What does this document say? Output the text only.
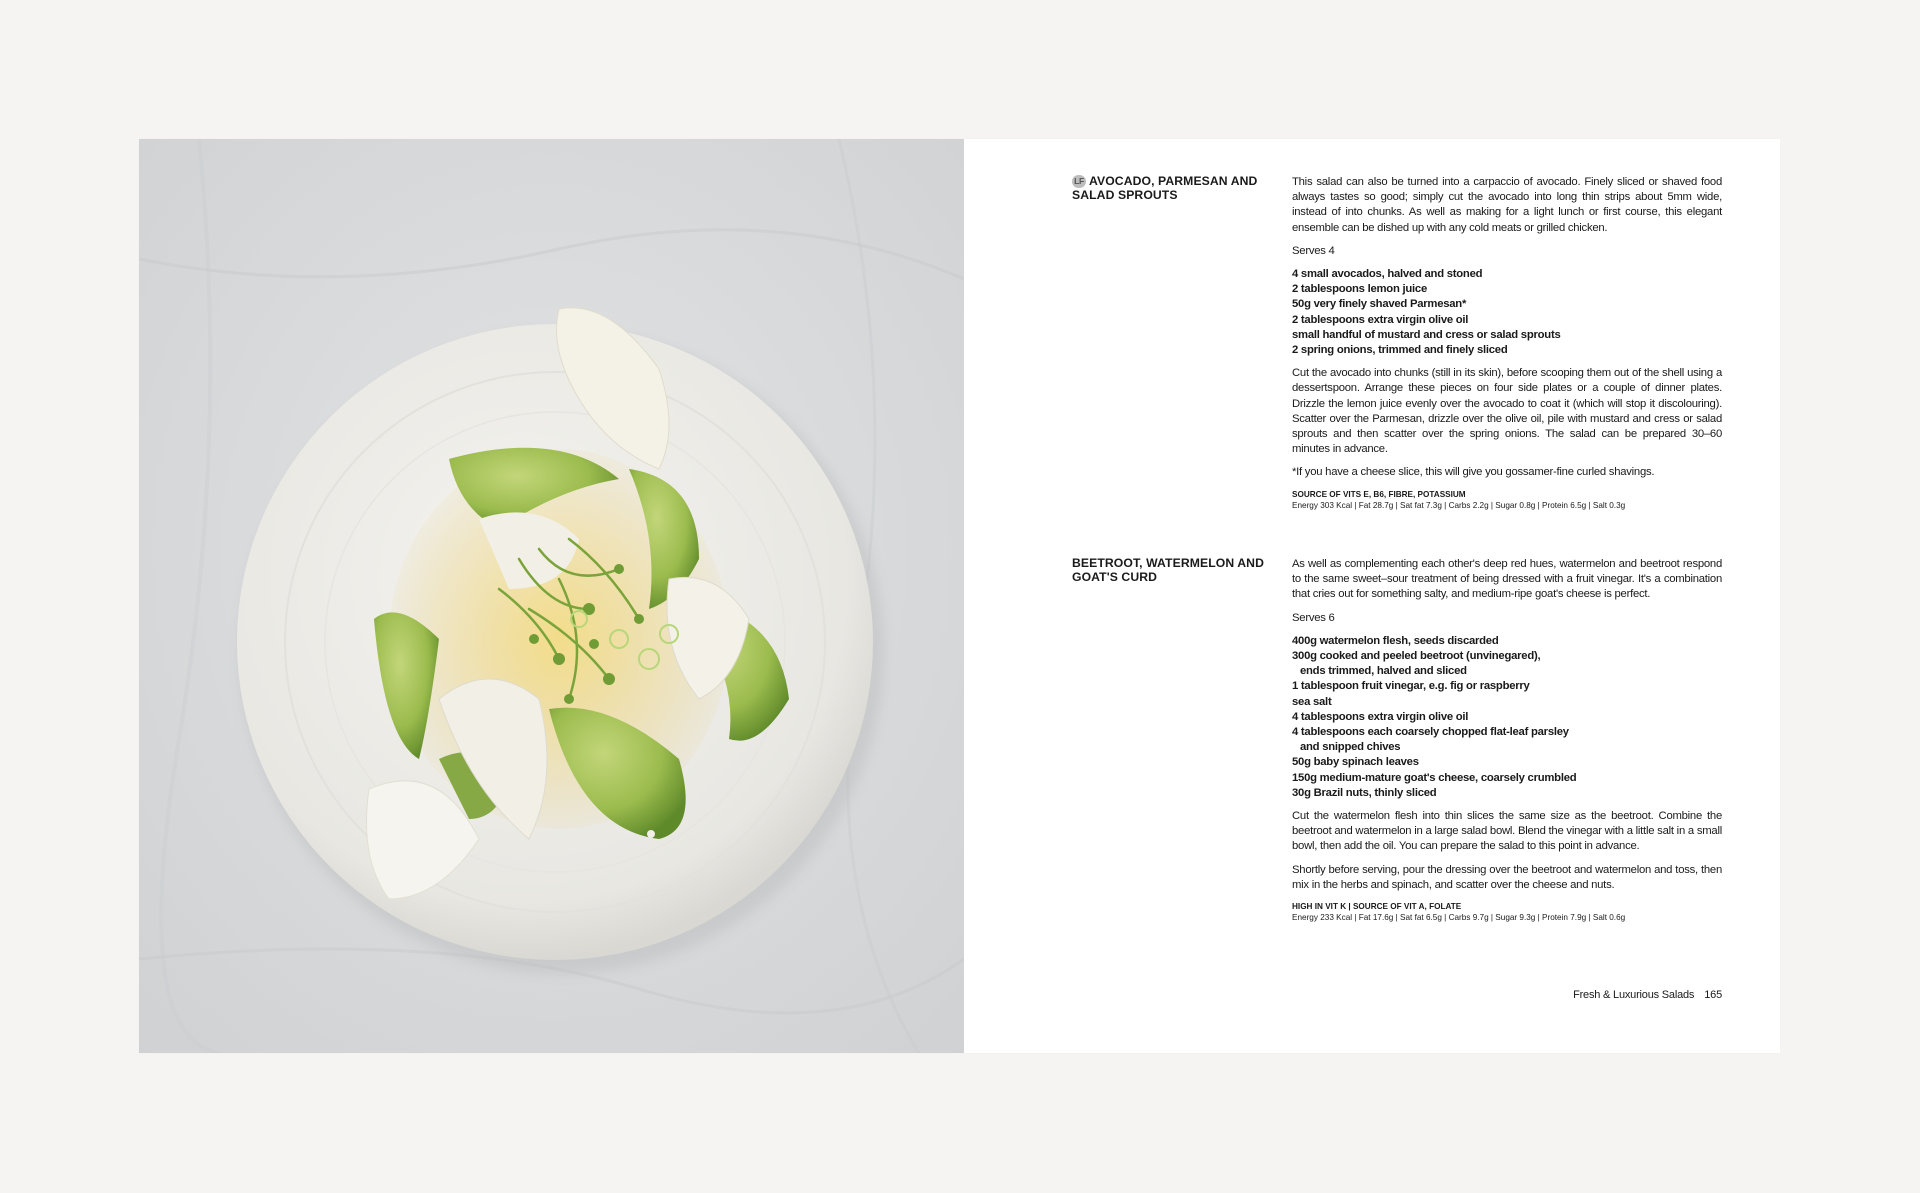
LF AVOCADO, PARMESAN AND SALAD SPROUTS

This salad can also be turned into a carpaccio of avocado. Finely sliced or shaved food always tastes so good; simply cut the avocado into long thin strips about 5mm wide, instead of into chunks. As well as making for a light lunch or first course, this elegant ensemble can be dished up with any cold meats or grilled chicken.

Serves 4

4 small avocados, halved and stoned
2 tablespoons lemon juice
50g very finely shaved Parmesan*
2 tablespoons extra virgin olive oil
small handful of mustard and cress or salad sprouts
2 spring onions, trimmed and finely sliced

Cut the avocado into chunks (still in its skin), before scooping them out of the shell using a dessertspoon. Arrange these pieces on four side plates or a couple of dinner plates. Drizzle the lemon juice evenly over the avocado to coat it (which will stop it discolouring). Scatter over the Parmesan, drizzle over the olive oil, pile with mustard and cress or salad sprouts and then scatter over the spring onions. The salad can be prepared 30–60 minutes in advance.

*If you have a cheese slice, this will give you gossamer-fine curled shavings.

SOURCE OF VITS E, B6, FIBRE, POTASSIUM
Energy 303 Kcal | Fat 28.7g | Sat fat 7.3g | Carbs 2.2g | Sugar 0.8g | Protein 6.5g | Salt 0.3g
BEETROOT, WATERMELON AND GOAT'S CURD

As well as complementing each other's deep red hues, watermelon and beetroot respond to the same sweet–sour treatment of being dressed with a fruit vinegar. It's a combination that cries out for something salty, and medium-ripe goat's cheese is perfect.

Serves 6

400g watermelon flesh, seeds discarded
300g cooked and peeled beetroot (unvinegared),
ends trimmed, halved and sliced
1 tablespoon fruit vinegar, e.g. fig or raspberry
sea salt
4 tablespoons extra virgin olive oil
4 tablespoons each coarsely chopped flat-leaf parsley
and snipped chives
50g baby spinach leaves
150g medium-mature goat's cheese, coarsely crumbled
30g Brazil nuts, thinly sliced

Cut the watermelon flesh into thin slices the same size as the beetroot. Combine the beetroot and watermelon in a large salad bowl. Blend the vinegar with a little salt in a small bowl, then add the oil. You can prepare the salad to this point in advance.

Shortly before serving, pour the dressing over the beetroot and watermelon and toss, then mix in the herbs and spinach, and scatter over the cheese and nuts.

HIGH IN VIT K | SOURCE OF VIT A, FOLATE
Energy 233 Kcal | Fat 17.6g | Sat fat 6.5g | Carbs 9.7g | Sugar 9.3g | Protein 7.9g | Salt 0.6g
Fresh & Luxurious Salads 165
